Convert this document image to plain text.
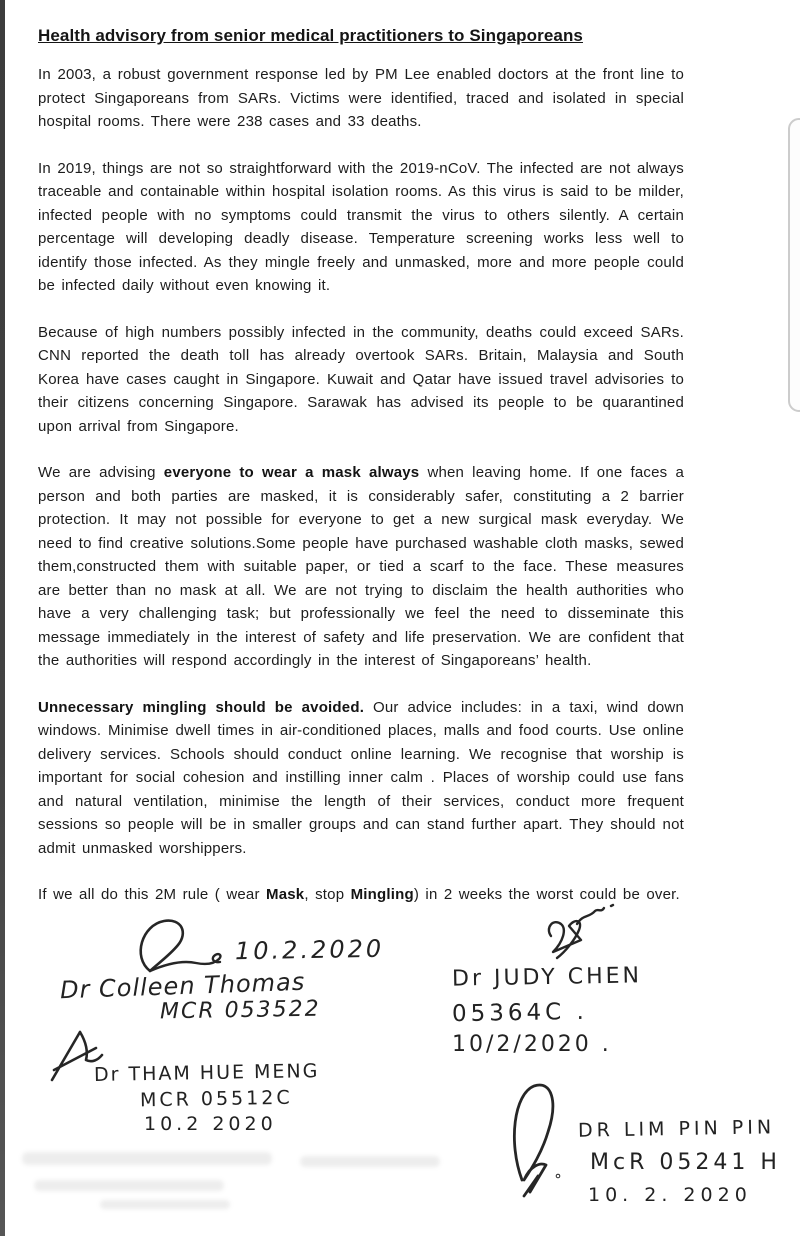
Health advisory from senior medical practitioners to Singaporeans

In 2003, a robust government response led by PM Lee enabled doctors at the front line to protect Singaporeans from SARs. Victims were identified, traced and isolated in special hospital rooms. There were 238 cases and 33 deaths.

In 2019, things are not so straightforward with the 2019-nCoV. The infected are not always traceable and containable within hospital isolation rooms. As this virus is said to be milder, infected people with no symptoms could transmit the virus to others silently. A certain percentage will developing deadly disease. Temperature screening works less well to identify those infected. As they mingle freely and unmasked, more and more people could be infected daily without even knowing it.

Because of high numbers possibly infected in the community, deaths could exceed SARs. CNN reported the death toll has already overtook SARs. Britain, Malaysia and South Korea have cases caught in Singapore. Kuwait and Qatar have issued travel advisories to their citizens concerning Singapore. Sarawak has advised its people to be quarantined upon arrival from Singapore.

We are advising everyone to wear a mask always when leaving home. If one faces a person and both parties are masked, it is considerably safer, constituting a 2 barrier protection. It may not possible for everyone to get a new surgical mask everyday. We need to find creative solutions.Some people have purchased washable cloth masks, sewed them,constructed them with suitable paper, or tied a scarf to the face. These measures are better than no mask at all. We are not trying to disclaim the health authorities who have a very challenging task; but professionally we feel the need to disseminate this message immediately in the interest of safety and life preservation. We are confident that the authorities will respond accordingly in the interest of Singaporeans’ health.

Unnecessary mingling should be avoided. Our advice includes: in a taxi, wind down windows. Minimise dwell times in air-conditioned places, malls and food courts. Use online delivery services. Schools should conduct online learning. We recognise that worship is important for social cohesion and instilling inner calm . Places of worship could use fans and natural ventilation, minimise the length of their services, conduct more frequent sessions so people will be in smaller groups and can stand further apart. They should not admit unmasked worshippers.

If we all do this 2M rule ( wear Mask, stop Mingling) in 2 weeks the worst could be over.

10.2.2020
Dr Colleen Thomas
MCR 053522
Dr THAM HUE MENG
MCR 05512C
10.2 2020
Dr JUDY CHEN
05364C .
10/2/2020 .
DR LIM PIN PIN
McR 05241 H
10. 2. 2020
